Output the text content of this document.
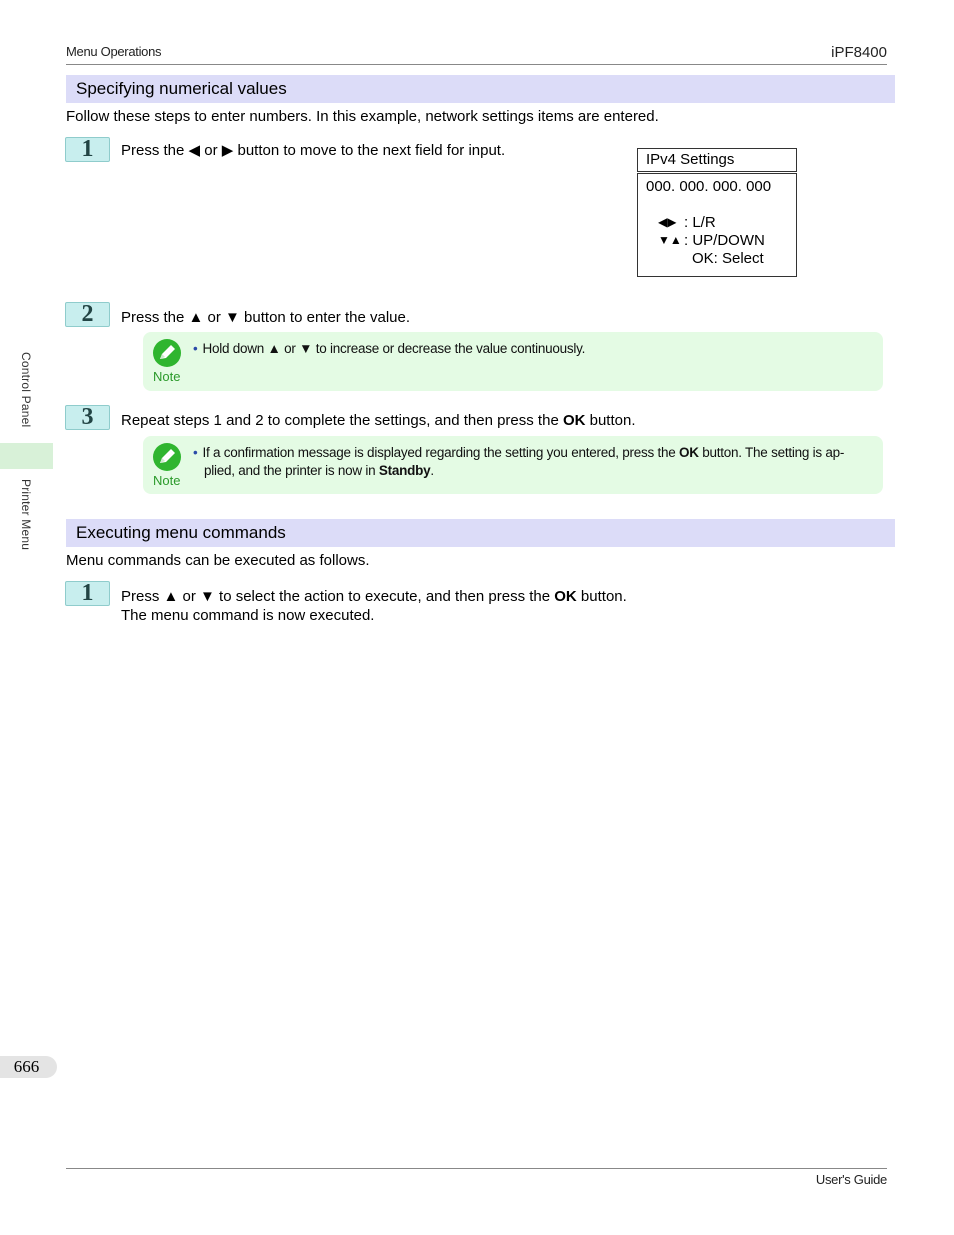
Menu Operations	iPF8400
Specifying numerical values
Follow these steps to enter numbers. In this example, network settings items are entered.
1	Press the ◀ or ▶ button to move to the next field for input.
IPv4 Settings
000. 000. 000. 000
◀▶ : L/R
▼▲ : UP/DOWN
OK: Select
2	Press the ▲ or ▼ button to enter the value.
Note
• Hold down ▲ or ▼ to increase or decrease the value continuously.
3	Repeat steps 1 and 2 to complete the settings, and then press the OK button.
Note
• If a confirmation message is displayed regarding the setting you entered, press the OK button. The setting is ap-
plied, and the printer is now in Standby.
Executing menu commands
Menu commands can be executed as follows.
1	Press ▲ or ▼ to select the action to execute, and then press the OK button.
The menu command is now executed.
Control Panel
Printer Menu
666
User's Guide
